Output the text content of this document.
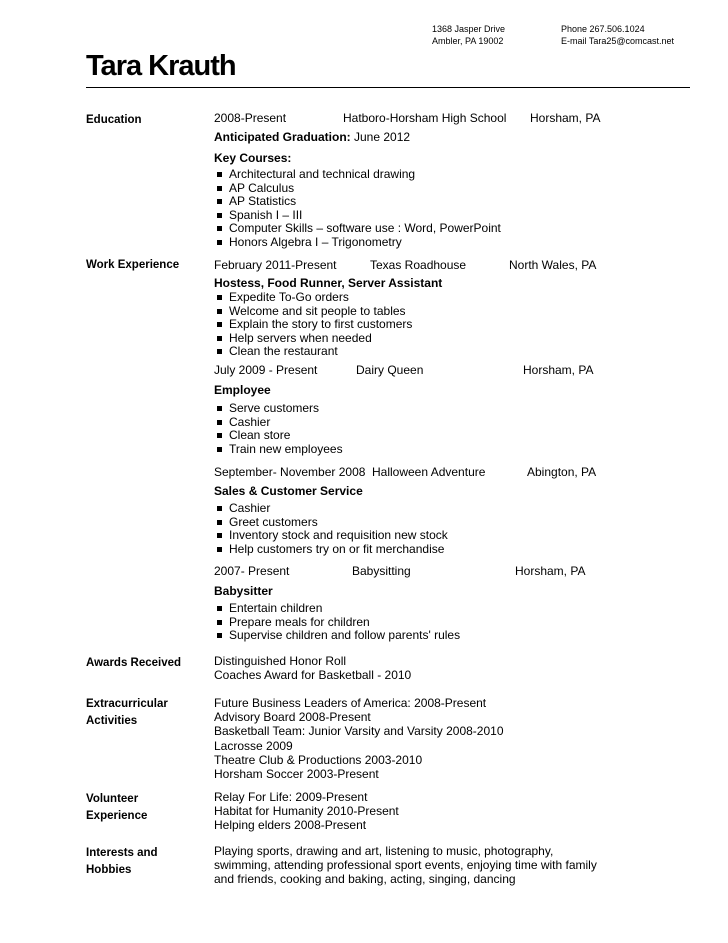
1368 Jasper Drive
Ambler, PA 19002
Phone 267.506.1024
E-mail Tara25@comcast.net
Tara Krauth
Education	2008-Present	Hatboro-Horsham High School Horsham, PA
Anticipated Graduation: June 2012
Key Courses:
Architectural and technical drawing
AP Calculus
AP Statistics
Spanish I – III
Computer Skills – software use : Word, PowerPoint
Honors Algebra I – Trigonometry
Work Experience	February 2011-Present	Texas Roadhouse	North Wales, PA
Hostess, Food Runner, Server Assistant
Expedite To-Go orders
Welcome and sit people to tables
Explain the story to first customers
Help servers when needed
Clean the restaurant
July 2009 - Present	Dairy Queen	Horsham, PA
Employee
Serve customers
Cashier
Clean store
Train new employees
September- November 2008 Halloween Adventure	Abington, PA
Sales & Customer Service
Cashier
Greet customers
Inventory stock and requisition new stock
Help customers try on or fit merchandise
2007- Present	Babysitting	Horsham, PA
Babysitter
Entertain children
Prepare meals for children
Supervise children and follow parents' rules
Awards Received	Distinguished Honor Roll
Coaches Award for Basketball - 2010
Extracurricular
Activities
Future Business Leaders of America: 2008-Present
Advisory Board 2008-Present
Basketball Team: Junior Varsity and Varsity 2008-2010
Lacrosse 2009
Theatre Club & Productions 2003-2010
Horsham Soccer 2003-Present
Volunteer
Experience
Relay For Life: 2009-Present
Habitat for Humanity 2010-Present
Helping elders 2008-Present
Interests and
Hobbies
Playing sports, drawing and art, listening to music, photography,
swimming, attending professional sport events, enjoying time with family
and friends, cooking and baking, acting, singing, dancing
